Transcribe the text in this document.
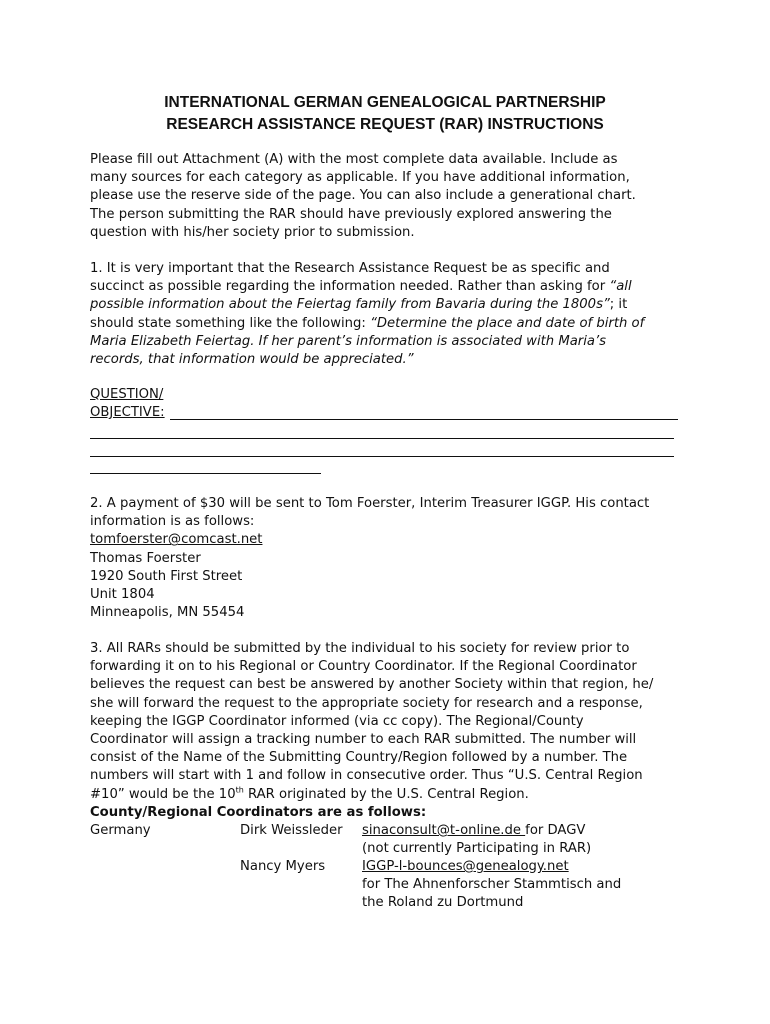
INTERNATIONAL GERMAN GENEALOGICAL PARTNERSHIP
RESEARCH ASSISTANCE REQUEST (RAR) INSTRUCTIONS
Please fill out Attachment (A) with the most complete data available. Include as
many sources for each category as applicable. If you have additional information,
please use the reserve side of the page. You can also include a generational chart.
The person submitting the RAR should have previously explored answering the
question with his/her society prior to submission.
1. It is very important that the Research Assistance Request be as specific and
succinct as possible regarding the information needed. Rather than asking for “all
possible information about the Feiertag family from Bavaria during the 1800s”; it
should state something like the following: “Determine the place and date of birth of
Maria Elizabeth Feiertag. If her parent’s information is associated with Maria’s
records, that information would be appreciated.”
QUESTION/
OBJECTIVE:
2. A payment of $30 will be sent to Tom Foerster, Interim Treasurer IGGP. His contact
information is as follows:
tomfoerster@comcast.net
Thomas Foerster
1920 South First Street
Unit 1804
Minneapolis, MN 55454
3. All RARs should be submitted by the individual to his society for review prior to
forwarding it on to his Regional or Country Coordinator. If the Regional Coordinator
believes the request can best be answered by another Society within that region, he/
she will forward the request to the appropriate society for research and a response,
keeping the IGGP Coordinator informed (via cc copy). The Regional/County
Coordinator will assign a tracking number to each RAR submitted. The number will
consist of the Name of the Submitting Country/Region followed by a number. The
numbers will start with 1 and follow in consecutive order. Thus “U.S. Central Region
#10” would be the 10th RAR originated by the U.S. Central Region.
County/Regional Coordinators are as follows:
Germany	Dirk Weissleder sinaconsult@t-online.de for DAGV
(not currently Participating in RAR)
Nancy Myers	IGGP-l-bounces@genealogy.net
for The Ahnenforscher Stammtisch and
the Roland zu Dortmund
